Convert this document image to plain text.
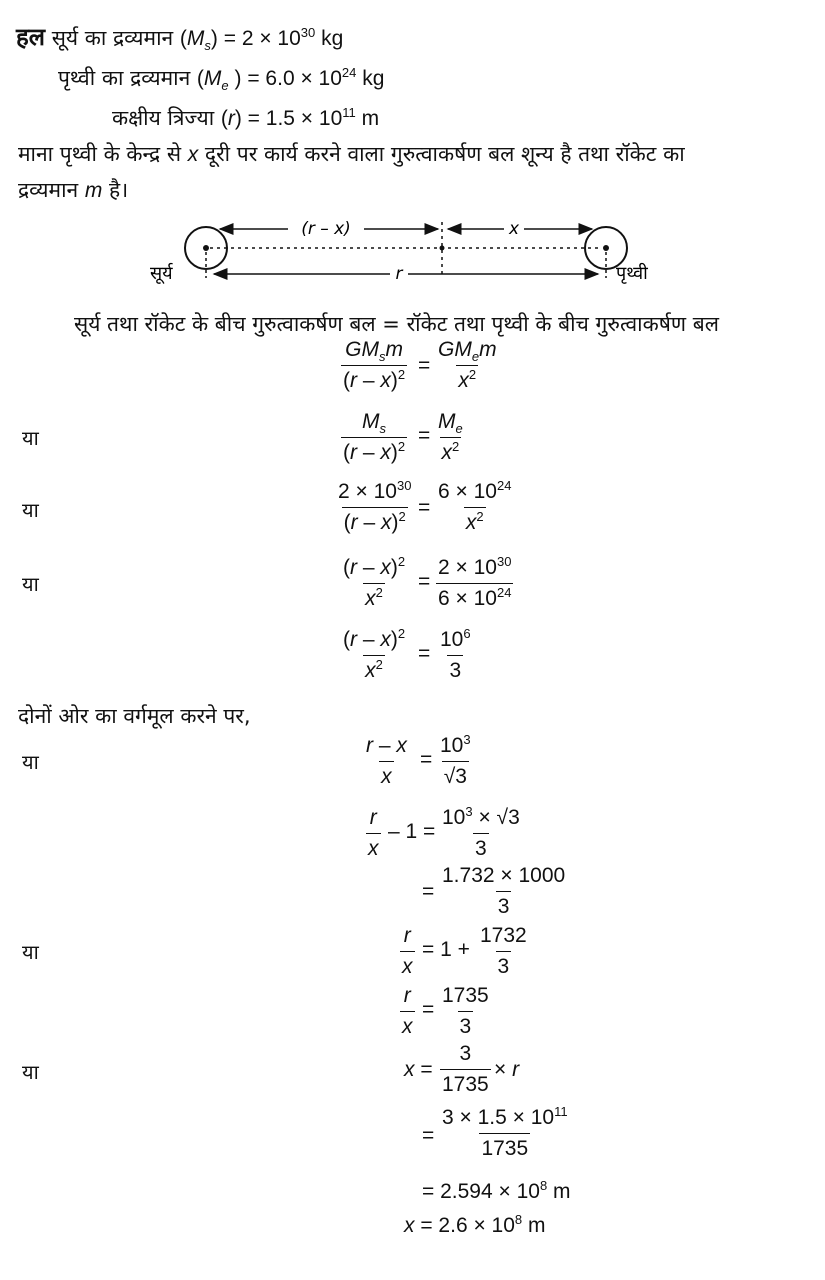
हल सूर्य का द्रव्यमान $(M_s) = 2 \times 10^{30}$ kg
पृथ्वी का द्रव्यमान ($M_e$ ) = $6.0 \times 10^{24}$ kg
कक्षीय त्रिज्या $(r) = 1.5 \times 10^{11}$ m
माना पृथ्वी के केन्द्र से x दूरी पर कार्य करने वाला गुरुत्वाकर्षण बल शून्य है तथा रॉकेट का
द्रव्यमान m है।
(r – x)	x
r
सूर्य	पृथ्वी
सूर्य तथा रॉकेट के बीच गुरुत्वाकर्षण बल = रॉकेट तथा पृथ्वी के बीच गुरुत्वाकर्षण बल
$GM_sm$
(r – x)$^2$ =
$GM_em$
$x^2$
या	$\frac{M_s}{(r - x)^2} = \frac{M_e}{x^2}$
या	$\frac{2 \times 10^{30}}{(r - x)^2} = \frac{6 \times 10^{24}}{x^2}$
या	$\frac{(r - x)^2}{x^2} = \frac{2 \times 10^{30}}{6 \times 10^{24}}$
$\frac{(r - x)^2}{x^2} = \frac{10^6}{3}$
दोनों ओर का वर्गमूल करने पर,
या	$\frac{r - x}{x} = \frac{10^3}{√3}$
$\frac{r}{x} - 1 = \frac{10^3 \times √3}{3}$
= $\frac{1.732 \times 1000}{3}$
या	$\frac{r}{x} = 1 + \frac{1732}{3}$
$\frac{r}{x} = \frac{1735}{3}$
या	$x = \frac{3}{1735} \times r$
= $\frac{3 \times 1.5 \times 10^{11}}{1735}$
= $2.594 \times 10^8$ m
$x = 2.6 \times 10^8$ m
